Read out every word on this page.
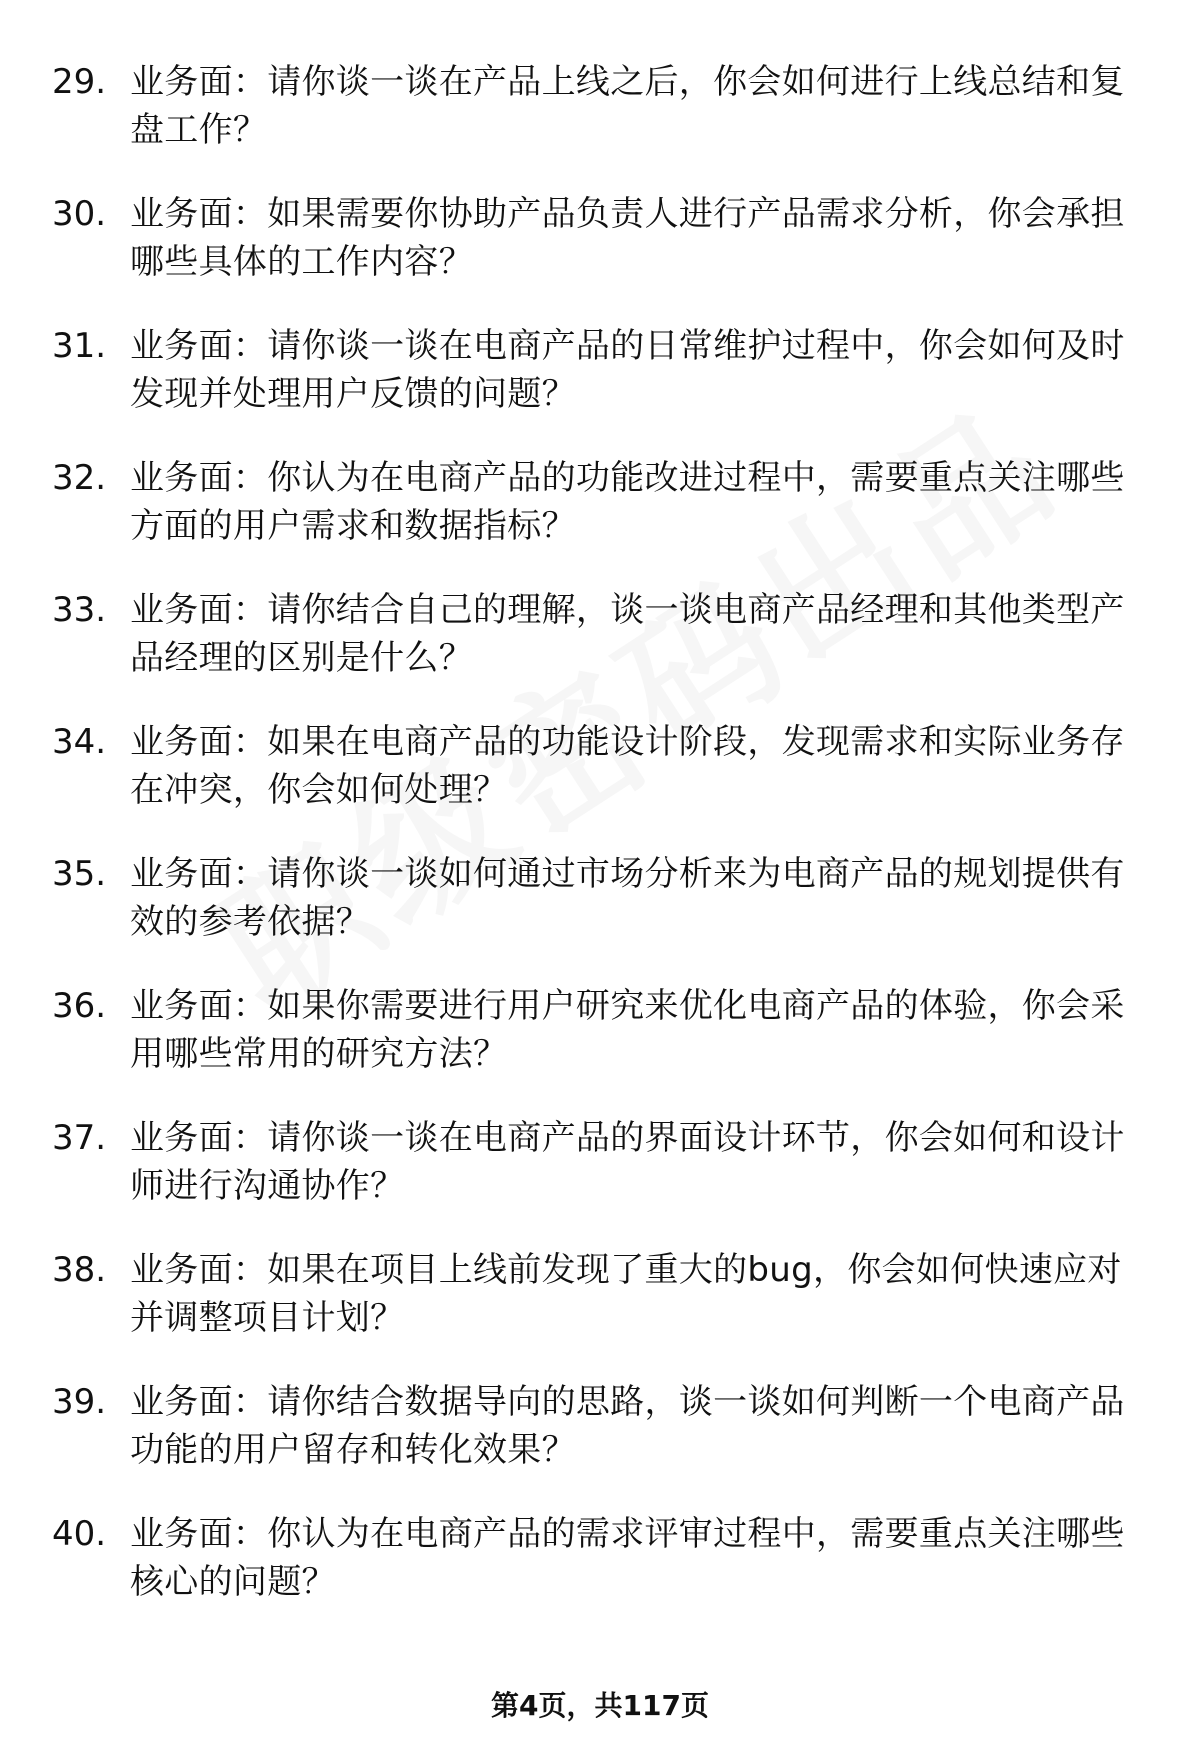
29. 业务面：请你谈一谈在产品上线之后，你会如何进行上线总结和复盘工作？
30. 业务面：如果需要你协助产品负责人进行产品需求分析，你会承担哪些具体的工作内容？
31. 业务面：请你谈一谈在电商产品的日常维护过程中，你会如何及时发现并处理用户反馈的问题？
32. 业务面：你认为在电商产品的功能改进过程中，需要重点关注哪些方面的用户需求和数据指标？
33. 业务面：请你结合自己的理解，谈一谈电商产品经理和其他类型产品经理的区别是什么？
34. 业务面：如果在电商产品的功能设计阶段，发现需求和实际业务存在冲突，你会如何处理？
35. 业务面：请你谈一谈如何通过市场分析来为电商产品的规划提供有效的参考依据？
36. 业务面：如果你需要进行用户研究来优化电商产品的体验，你会采用哪些常用的研究方法？
37. 业务面：请你谈一谈在电商产品的界面设计环节，你会如何和设计师进行沟通协作？
38. 业务面：如果在项目上线前发现了重大的bug，你会如何快速应对并调整项目计划？
39. 业务面：请你结合数据导向的思路，谈一谈如何判断一个电商产品功能的用户留存和转化效果？
40. 业务面：你认为在电商产品的需求评审过程中，需要重点关注哪些核心的问题？
第4页，共117页
